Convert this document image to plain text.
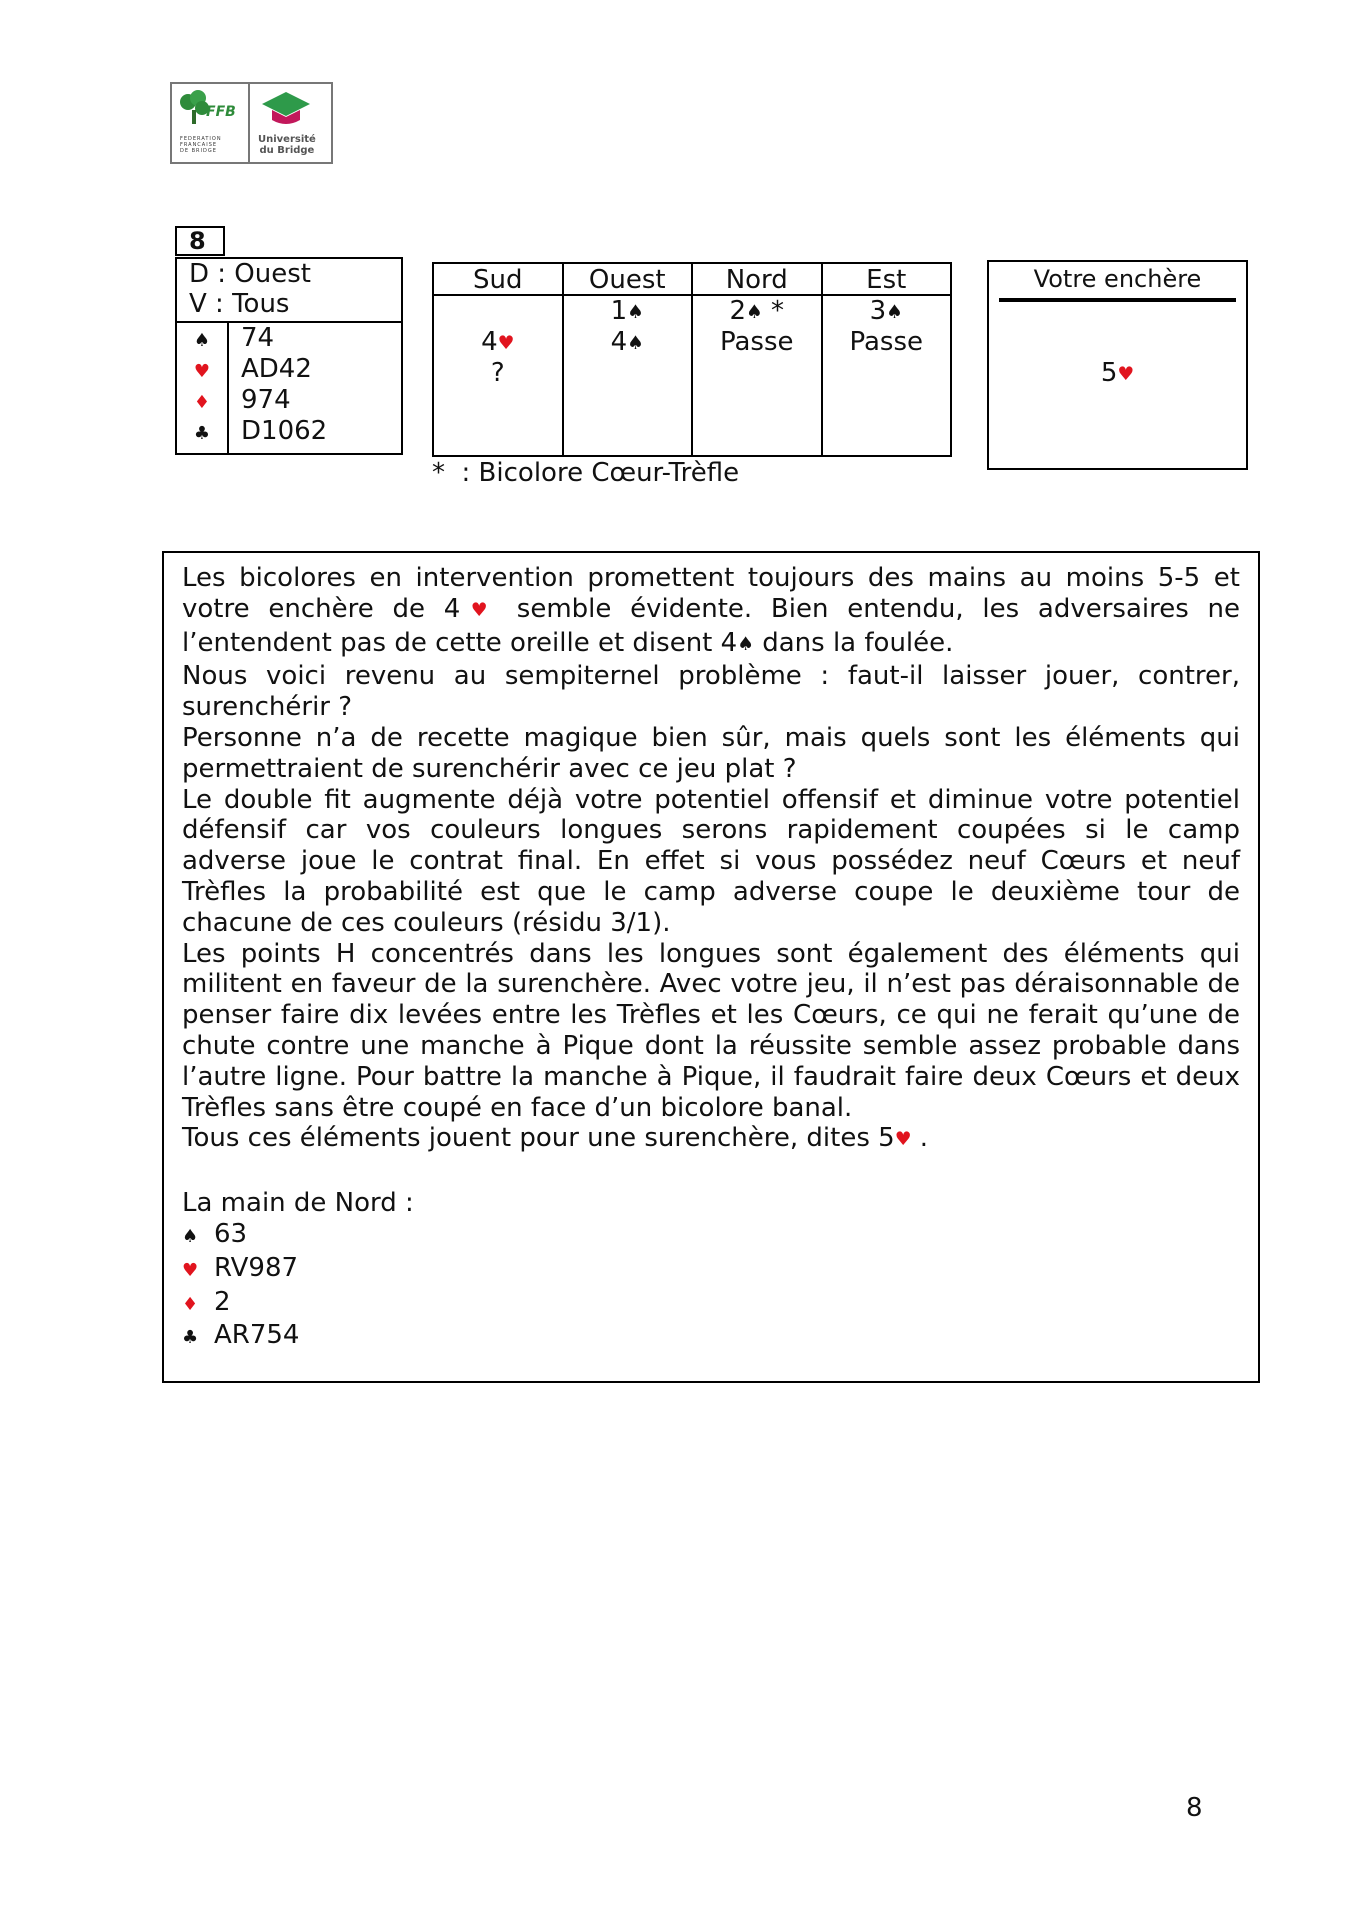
FFB
FEDERATION
FRANCAISE
DE BRIDGE
Université
du Bridge
8
D : Ouest
V : Tous
♠
♥
♦
♣
74
AD42
974
D1062
Sud
4♥
?
Ouest
1♠
4♠
Nord
2♠ *
Passe
Est
3♠
Passe
*  : Bicolore Cœur-Trèfle
Votre enchère
5♥

Les bicolores en intervention promettent toujours des mains au moins 5-5 et votre enchère de 4♥ semble évidente. Bien entendu, les adversaires ne l’entendent pas de cette oreille et disent 4♠ dans la foulée.

Nous voici revenu au sempiternel problème : faut-il laisser jouer, contrer, surenchérir ?

Personne n’a de recette magique bien sûr, mais quels sont les éléments qui permettraient de surenchérir avec ce jeu plat ?

Le double fit augmente déjà votre potentiel offensif et diminue votre potentiel défensif car vos couleurs longues serons rapidement coupées si le camp adverse joue le contrat final. En effet si vous possédez neuf Cœurs et neuf Trèfles la probabilité est que le camp adverse coupe le deuxième tour de chacune de ces couleurs (résidu 3/1).

Les points H concentrés dans les longues sont également des éléments qui militent en faveur de la surenchère. Avec votre jeu, il n’est pas déraisonnable de penser faire dix levées entre les Trèfles et les Cœurs, ce qui ne ferait qu’une de chute contre une manche à Pique dont la réussite semble assez probable dans l’autre ligne. Pour battre la manche à Pique, il faudrait faire deux Cœurs et deux Trèfles sans être coupé en face d’un bicolore banal.

Tous ces éléments jouent pour une surenchère, dites 5♥ .

La main de Nord :

♠ 63
♥ RV987
♦ 2
♣ AR754
8
